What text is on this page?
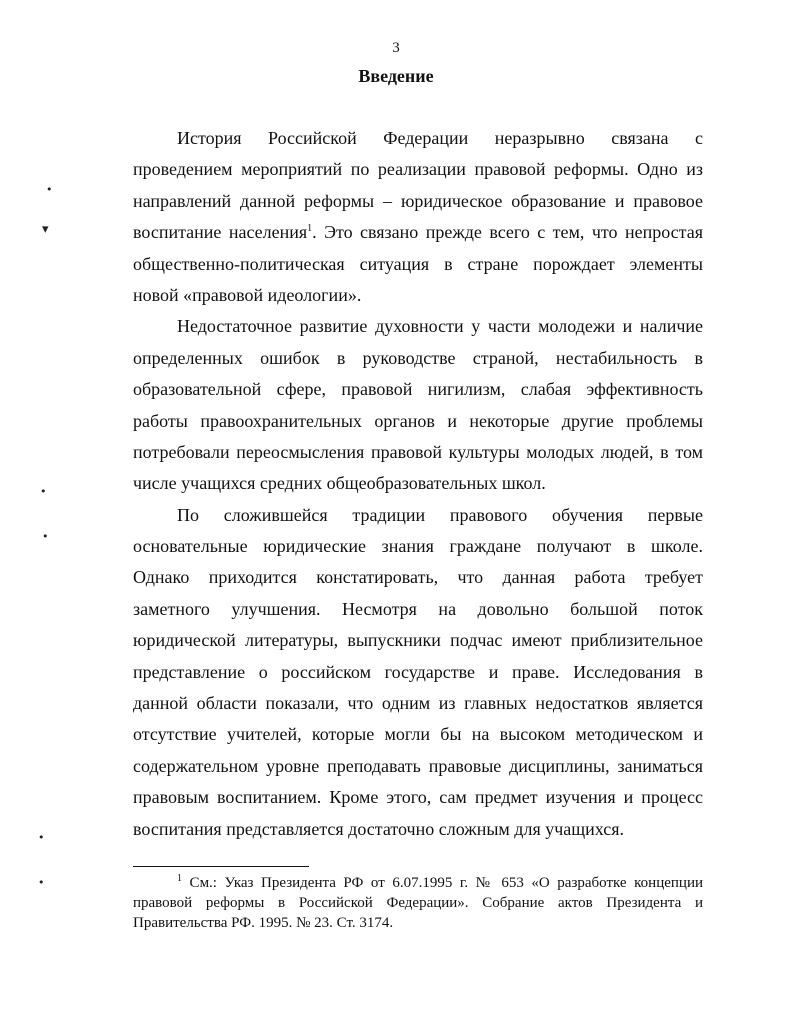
3
Введение
История Российской Федерации неразрывно связана с
проведением мероприятий по реализации правовой реформы. Одно из
направлений данной реформы – юридическое образование и правовое
воспитание населения$^1$. Это связано прежде всего с тем, что непростая
общественно-политическая ситуация в стране порождает элементы
новой «правовой идеологии».
Недостаточное развитие духовности у части молодежи и наличие
определенных ошибок в руководстве страной, нестабильность в
образовательной сфере, правовой нигилизм, слабая эффективность
работы правоохранительных органов и некоторые другие проблемы
потребовали переосмысления правовой культуры молодых людей, в том
числе учащихся средних общеобразовательных школ.
По сложившейся традиции правового обучения первые
основательные юридические знания граждане получают в школе.
Однако приходится констатировать, что данная работа требует
заметного улучшения. Несмотря на довольно большой поток
юридической литературы, выпускники подчас имеют приблизительное
представление о российском государстве и праве. Исследования в
данной области показали, что одним из главных недостатков является
отсутствие учителей, которые могли бы на высоком методическом и
содержательном уровне преподавать правовые дисциплины, заниматься
правовым воспитанием. Кроме этого, сам предмет изучения и процесс
воспитания представляется достаточно сложным для учащихся.
$^1$ См.: Указ Президента РФ от 6.07.1995 г. № 653 «О разработке концепции
правовой реформы в Российской Федерации». Собрание актов Президента и
Правительства РФ. 1995. № 23. Ст. 3174.
•
▾
•
•
•
•
